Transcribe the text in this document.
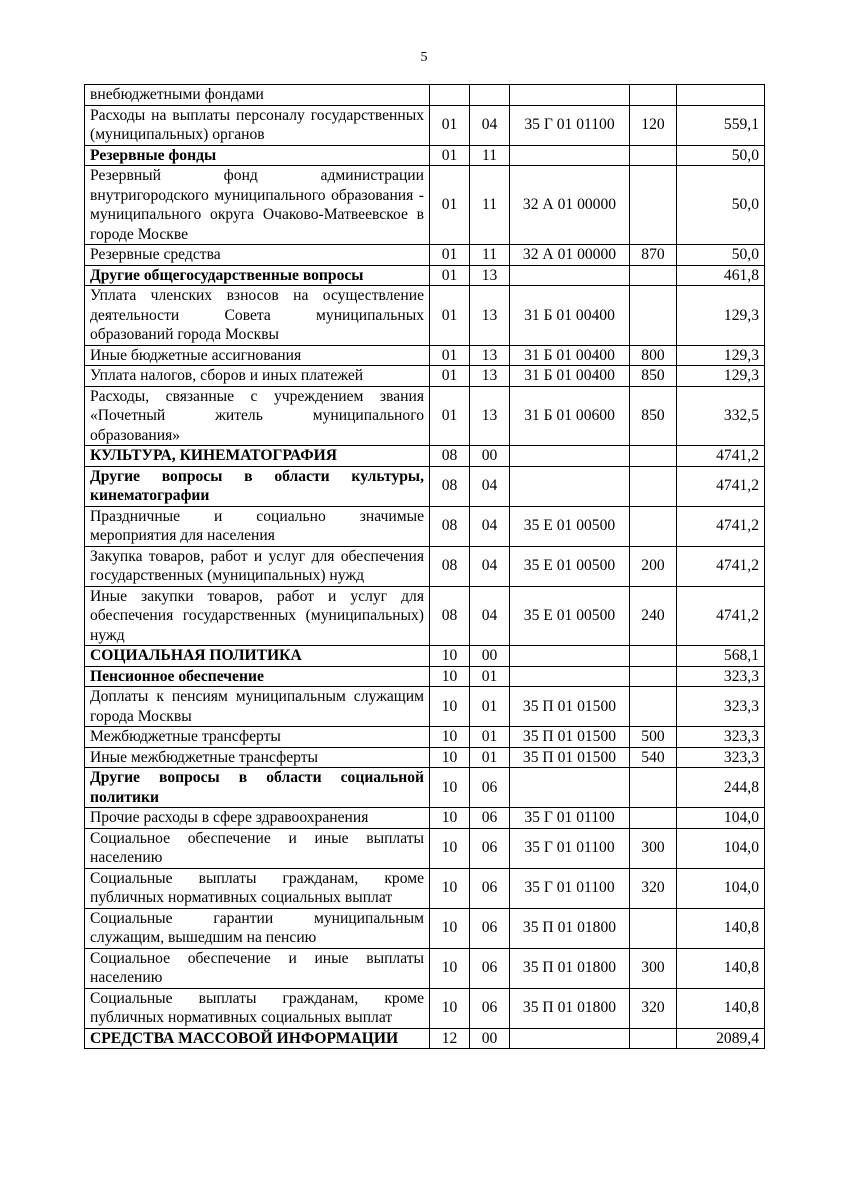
5
внебюджетными фондами					
Расходы на выплаты персоналу государственных (муниципальных) органов	01	04	35 Г 01 01100	120	559,1
Резервные фонды	01	11			50,0
Резервный фонд администрации внутригородского муниципального образования - муниципального округа Очаково-Матвеевское в городе Москве	01	11	32 А 01 00000		50,0
Резервные средства	01	11	32 А 01 00000	870	50,0
Другие общегосударственные вопросы	01	13			461,8
Уплата членских взносов на осуществление деятельности Совета муниципальных образований города Москвы	01	13	31 Б 01 00400		129,3
Иные бюджетные ассигнования	01	13	31 Б 01 00400	800	129,3
Уплата налогов, сборов и иных платежей	01	13	31 Б 01 00400	850	129,3
Расходы, связанные с учреждением звания «Почетный житель муниципального образования»	01	13	31 Б 01 00600	850	332,5
КУЛЬТУРА, КИНЕМАТОГРАФИЯ	08	00			4741,2
Другие вопросы в области культуры, кинематографии	08	04			4741,2
Праздничные и социально значимые мероприятия для населения	08	04	35 Е 01 00500		4741,2
Закупка товаров, работ и услуг для обеспечения государственных (муниципальных) нужд	08	04	35 Е 01 00500	200	4741,2
Иные закупки товаров, работ и услуг для обеспечения государственных (муниципальных) нужд	08	04	35 Е 01 00500	240	4741,2
СОЦИАЛЬНАЯ ПОЛИТИКА	10	00			568,1
Пенсионное обеспечение	10	01			323,3
Доплаты к пенсиям муниципальным служащим города Москвы	10	01	35 П 01 01500		323,3
Межбюджетные трансферты	10	01	35 П 01 01500	500	323,3
Иные межбюджетные трансферты	10	01	35 П 01 01500	540	323,3
Другие вопросы в области социальной политики	10	06			244,8
Прочие расходы в сфере здравоохранения	10	06	35 Г 01 01100		104,0
Социальное обеспечение и иные выплаты населению	10	06	35 Г 01 01100	300	104,0
Социальные выплаты гражданам, кроме публичных нормативных социальных выплат	10	06	35 Г 01 01100	320	104,0
Социальные гарантии муниципальным служащим, вышедшим на пенсию	10	06	35 П 01 01800		140,8
Социальное обеспечение и иные выплаты населению	10	06	35 П 01 01800	300	140,8
Социальные выплаты гражданам, кроме публичных нормативных социальных выплат	10	06	35 П 01 01800	320	140,8
СРЕДСТВА МАССОВОЙ ИНФОРМАЦИИ	12	00			2089,4
